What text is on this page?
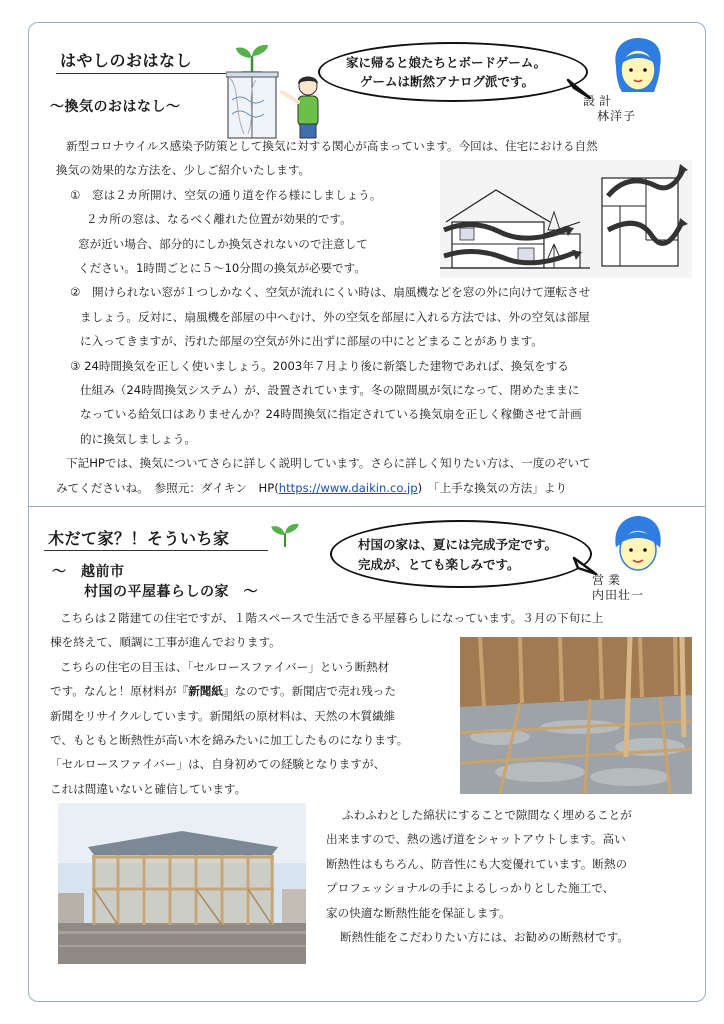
はやしのおはなし	家に帰ると娘たちとボードゲーム。
ゲームは断然アナログ派です。
設計
林洋子
～換気のおはなし～

新型コロナウイルス感染予防策として換気に対する関心が高まっています。今回は、住宅における自然

換気の効果的な方法を、少しご紹介いたします。

①　窓は２カ所開け、空気の通り道を作る様にしましょう。

２カ所の窓は、なるべく離れた位置が効果的です。

窓が近い場合、部分的にしか換気されないので注意して

ください。1時間ごとに５～10分間の換気が必要です。

②　開けられない窓が１つしかなく、空気が流れにくい時は、扇風機などを窓の外に向けて運転させ

ましょう。反対に、扇風機を部屋の中へむけ、外の空気を部屋に入れる方法では、外の空気は部屋

に入ってきますが、汚れた部屋の空気が外に出ずに部屋の中にとどまることがあります。

③ 24時間換気を正しく使いましょう。2003年７月より後に新築した建物であれば、換気をする

仕組み（24時間換気システム）が、設置されています。冬の隙間風が気になって、閉めたままに

なっている給気口はありませんか？24時間換気に指定されている換気扇を正しく稼働させて計画

的に換気しましょう。

下記HPでは、換気についてさらに詳しく説明しています。さらに詳しく知りたい方は、一度のぞいて

みてくださいね。　参照元：ダイキン　HP(https://www.daikin.co.jp)　「上手な換気の方法」より

木だて家？！そういち家	村国の家は、夏には完成予定です。
完成が、とても楽しみです。
営業
内田壮一
～　越前市
村国の平屋暮らしの家　～

こちらは２階建ての住宅ですが、１階スペースで生活できる平屋暮らしになっています。３月の下旬に上

棟を終えて、順調に工事が進んでおります。

こちらの住宅の目玉は、「セルロースファイバー」という断熱材

です。なんと！原材料が『新聞紙』なのです。新聞店で売れ残った

新聞をリサイクルしています。新聞紙の原材料は、天然の木質繊維

で、もともと断熱性が高い木を綿みたいに加工したものになります。

「セルロースファイバー」は、自身初めての経験となりますが、

これは間違いないと確信しています。

ふわふわとした綿状にすることで隙間なく埋めることが

出来ますので、熱の逃げ道をシャットアウトします。高い

断熱性はもちろん、防音性にも大変優れています。断熱の

プロフェッショナルの手によるしっかりとした施工で、

家の快適な断熱性能を保証します。

断熱性能をこだわりたい方には、お勧めの断熱材です。
